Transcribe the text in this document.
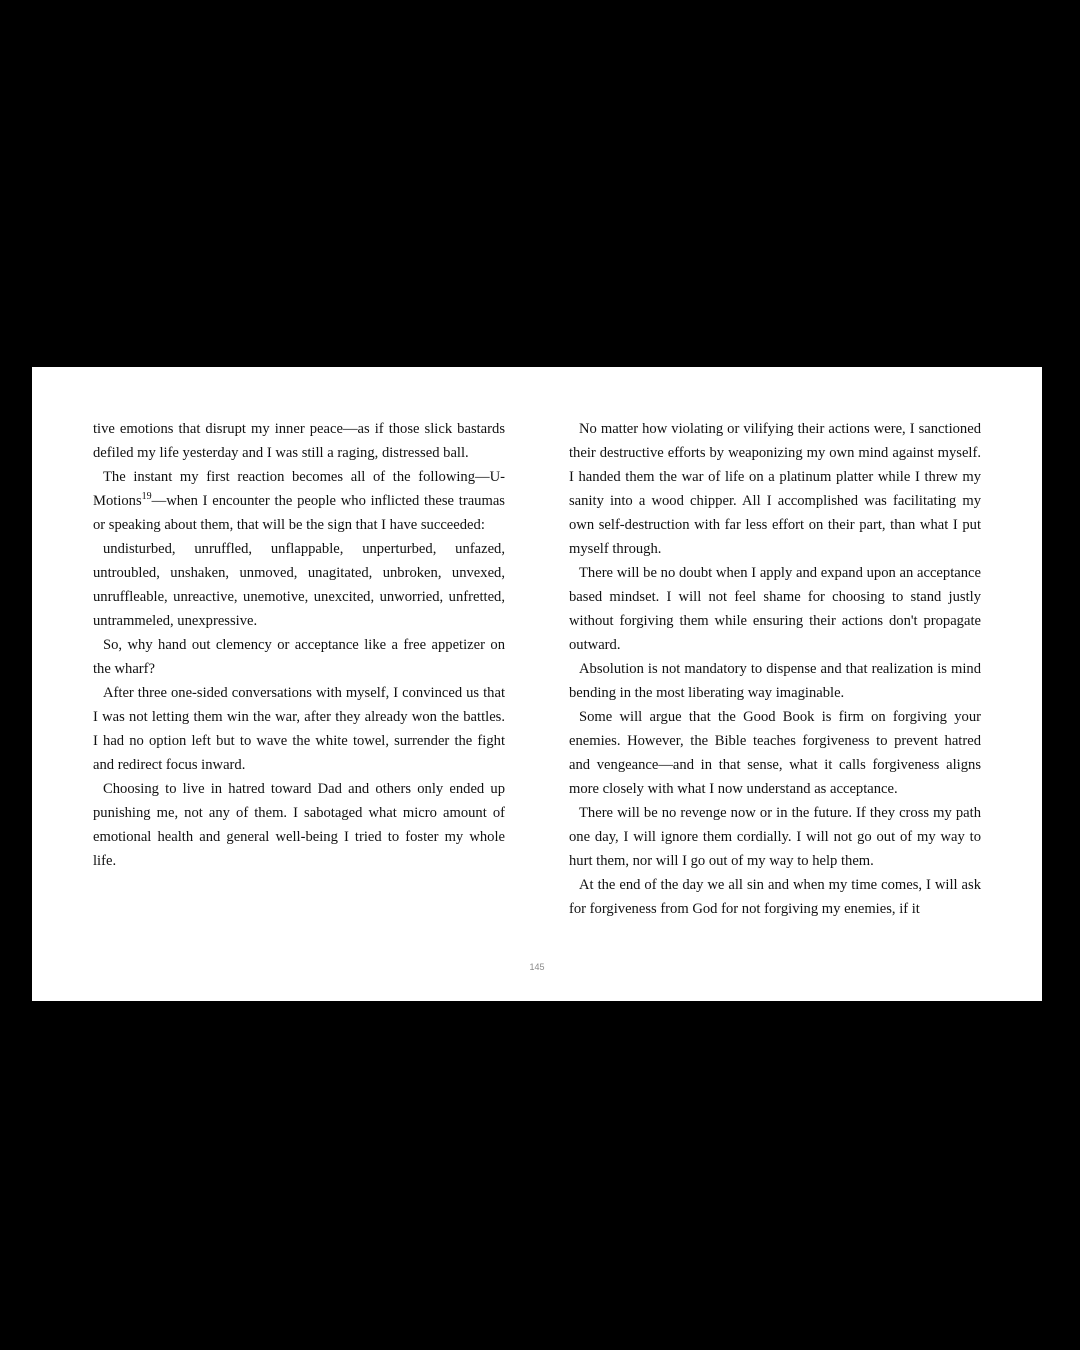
tive emotions that disrupt my inner peace—as if those slick bastards defiled my life yesterday and I was still a raging, distressed ball.

The instant my first reaction becomes all of the following—U-Motions$^{19}$—when I encounter the people who inflicted these traumas or speaking about them, that will be the sign that I have succeeded:

undisturbed, unruffled, unflappable, unperturbed, unfazed, untroubled, unshaken, unmoved, unagitated, unbroken, unvexed, unruffleable, unreactive, unemotive, unexcited, unworried, unfretted, untrammeled, unexpressive.

So, why hand out clemency or acceptance like a free appetizer on the wharf?

After three one-sided conversations with myself, I convinced us that I was not letting them win the war, after they already won the battles. I had no option left but to wave the white towel, surrender the fight and redirect focus inward.

Choosing to live in hatred toward Dad and others only ended up punishing me, not any of them. I sabotaged what micro amount of emotional health and general well-being I tried to foster my whole life.

No matter how violating or vilifying their actions were, I sanctioned their destructive efforts by weaponizing my own mind against myself. I handed them the war of life on a platinum platter while I threw my sanity into a wood chipper. All I accomplished was facilitating my own self-destruction with far less effort on their part, than what I put myself through.

There will be no doubt when I apply and expand upon an acceptance based mindset. I will not feel shame for choosing to stand justly without forgiving them while ensuring their actions don't propagate outward.

Absolution is not mandatory to dispense and that realization is mind bending in the most liberating way imaginable.

Some will argue that the Good Book is firm on forgiving your enemies. However, the Bible teaches forgiveness to prevent hatred and vengeance—and in that sense, what it calls forgiveness aligns more closely with what I now understand as acceptance.

There will be no revenge now or in the future. If they cross my path one day, I will ignore them cordially. I will not go out of my way to hurt them, nor will I go out of my way to help them.

At the end of the day we all sin and when my time comes, I will ask for forgiveness from God for not forgiving my enemies, if it

145
